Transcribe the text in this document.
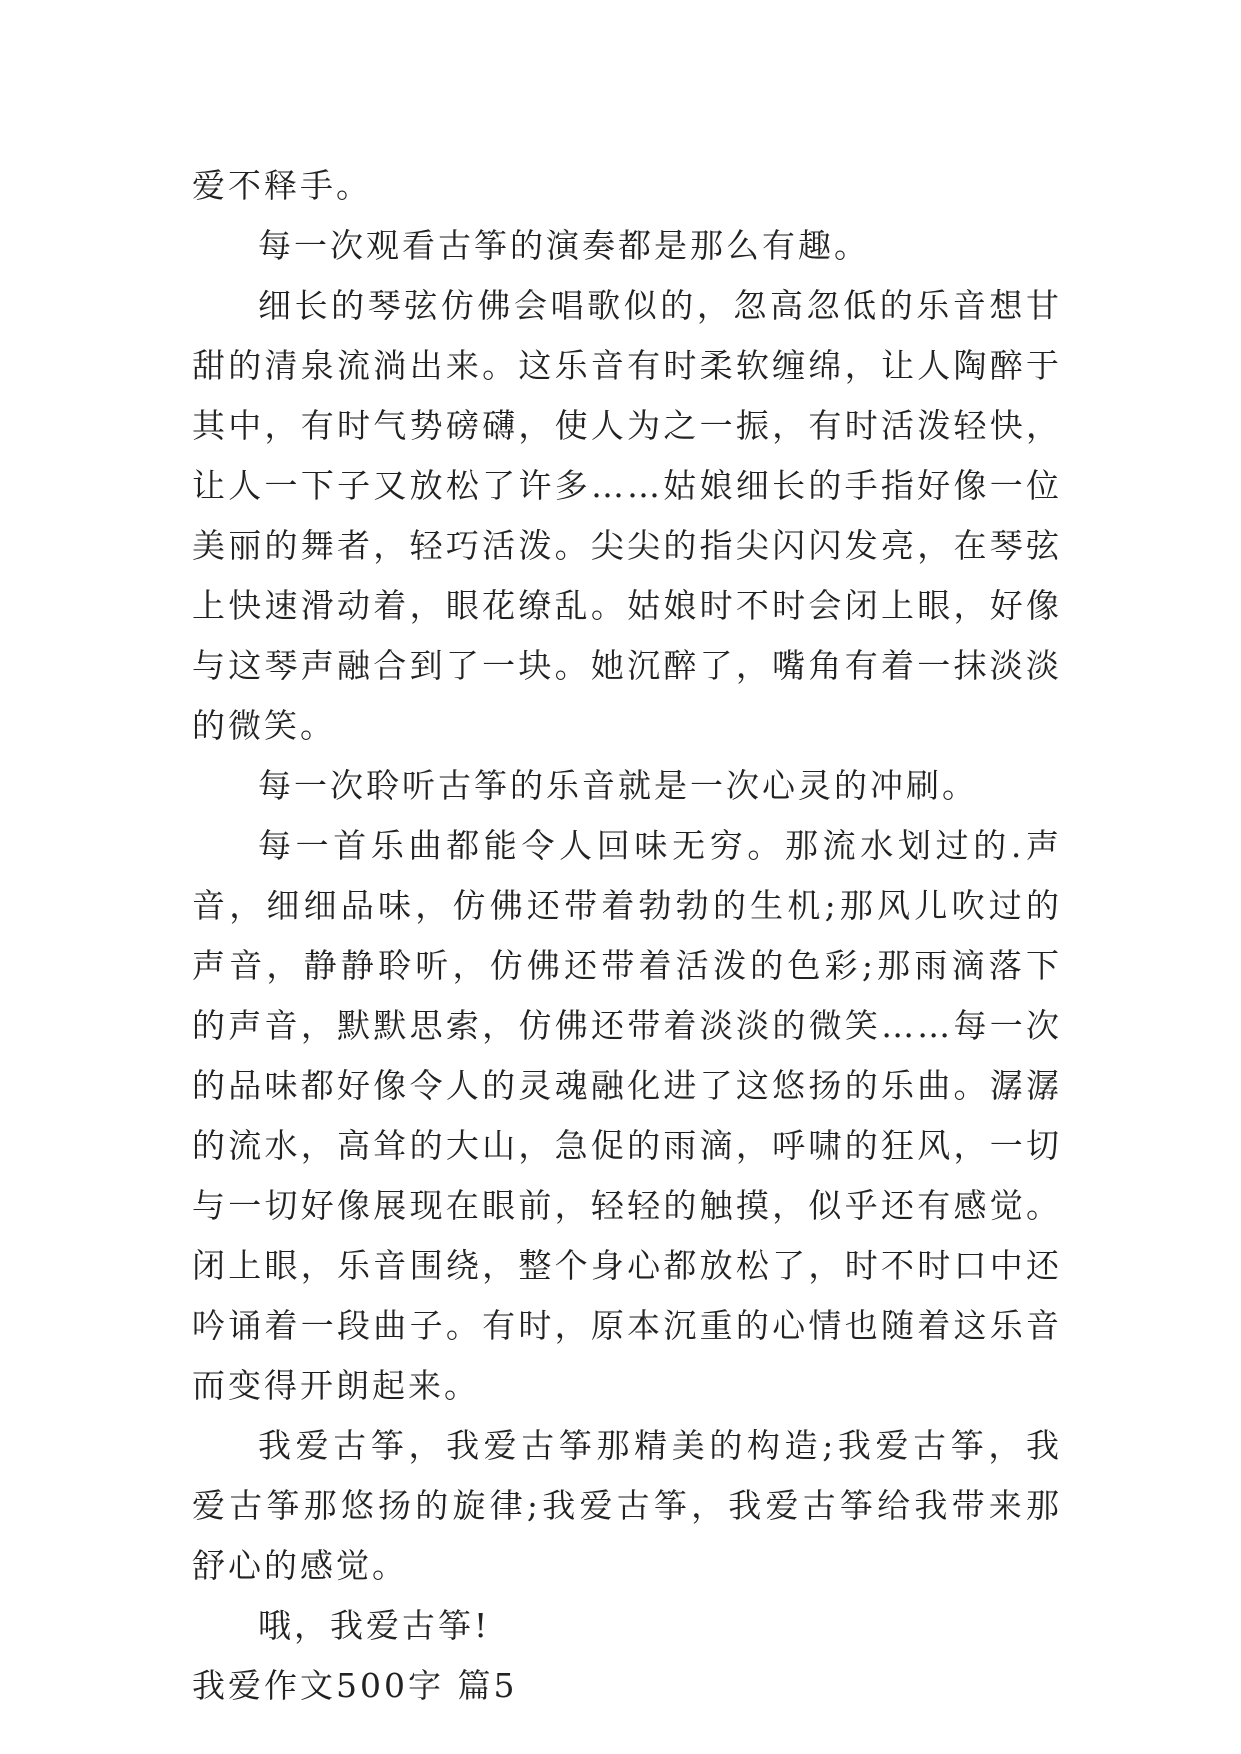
爱不释手。

每一次观看古筝的演奏都是那么有趣。

细长的琴弦仿佛会唱歌似的，忽高忽低的乐音想甘甜的清泉流淌出来。这乐音有时柔软缠绵，让人陶醉于其中，有时气势磅礴，使人为之一振，有时活泼轻快，让人一下子又放松了许多……姑娘细长的手指好像一位美丽的舞者，轻巧活泼。尖尖的指尖闪闪发亮，在琴弦上快速滑动着，眼花缭乱。姑娘时不时会闭上眼，好像与这琴声融合到了一块。她沉醉了，嘴角有着一抹淡淡的微笑。

每一次聆听古筝的乐音就是一次心灵的冲刷。

每一首乐曲都能令人回味无穷。那流水划过的.声音，细细品味，仿佛还带着勃勃的生机;那风儿吹过的声音，静静聆听，仿佛还带着活泼的色彩;那雨滴落下的声音，默默思索，仿佛还带着淡淡的微笑……每一次的品味都好像令人的灵魂融化进了这悠扬的乐曲。潺潺的流水，高耸的大山，急促的雨滴，呼啸的狂风，一切与一切好像展现在眼前，轻轻的触摸，似乎还有感觉。闭上眼，乐音围绕，整个身心都放松了，时不时口中还吟诵着一段曲子。有时，原本沉重的心情也随着这乐音而变得开朗起来。

我爱古筝，我爱古筝那精美的构造;我爱古筝，我爱古筝那悠扬的旋律;我爱古筝，我爱古筝给我带来那舒心的感觉。

哦，我爱古筝!

我爱作文500字 篇5
